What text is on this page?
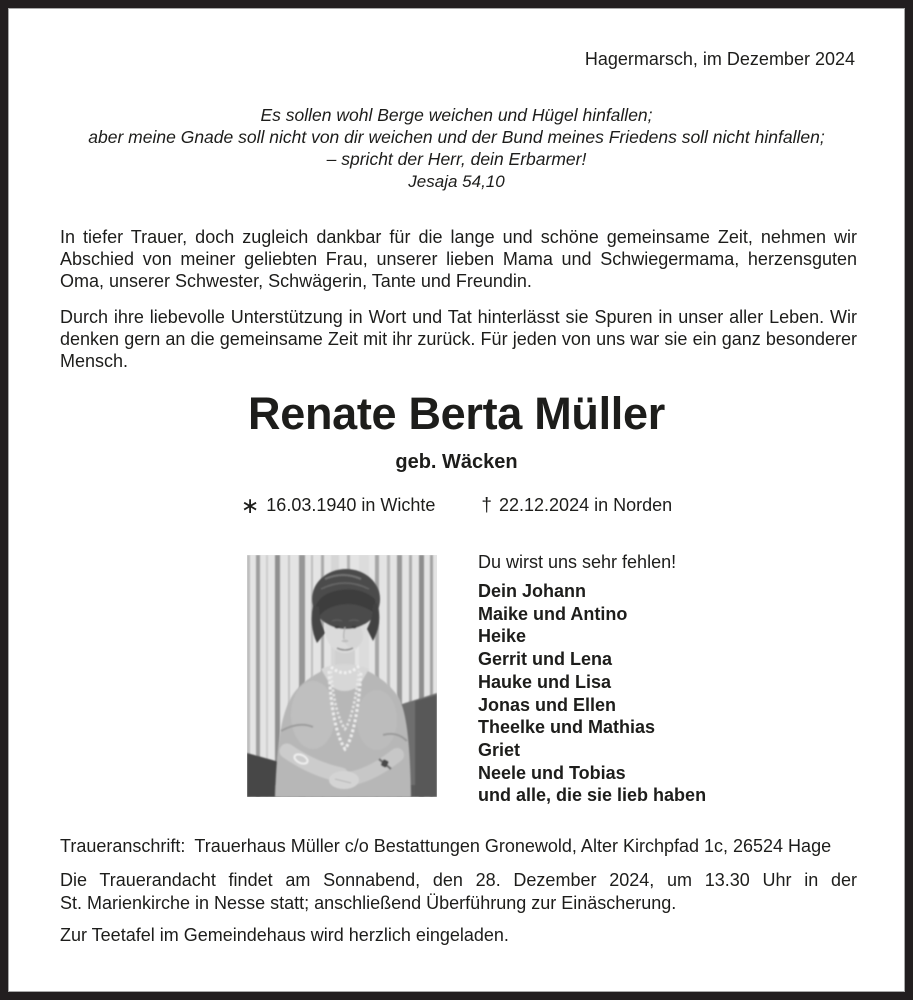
Hagermarsch, im Dezember 2024
Es sollen wohl Berge weichen und Hügel hinfallen;
aber meine Gnade soll nicht von dir weichen und der Bund meines Friedens soll nicht hinfallen;
– spricht der Herr, dein Erbarmer!
Jesaja 54,10

In tiefer Trauer, doch zugleich dankbar für die lange und schöne gemeinsame Zeit, nehmen wir Abschied von meiner geliebten Frau, unserer lieben Mama und Schwiegermama, herzensguten Oma, unserer Schwester, Schwägerin, Tante und Freundin.

Durch ihre liebevolle Unterstützung in Wort und Tat hinterlässt sie Spuren in unser aller Leben. Wir denken gern an die gemeinsame Zeit mit ihr zurück. Für jeden von uns war sie ein ganz besonderer Mensch.

Renate Berta Müller
geb. Wäcken
∗ 16.03.1940 in Wichte † 22.12.2024 in Norden
Du wirst uns sehr fehlen!
Dein Johann
Maike und Antino
Heike
Gerrit und Lena
Hauke und Lisa
Jonas und Ellen
Theelke und Mathias
Griet
Neele und Tobias
und alle, die sie lieb haben

Traueranschrift: Trauerhaus Müller c/o Bestattungen Gronewold, Alter Kirchpfad 1c, 26524 Hage

Die Trauerandacht findet am Sonnabend, den 28. Dezember 2024, um 13.30 Uhr in der
St. Marienkirche in Nesse statt; anschließend Überführung zur Einäscherung.

Zur Teetafel im Gemeindehaus wird herzlich eingeladen.
